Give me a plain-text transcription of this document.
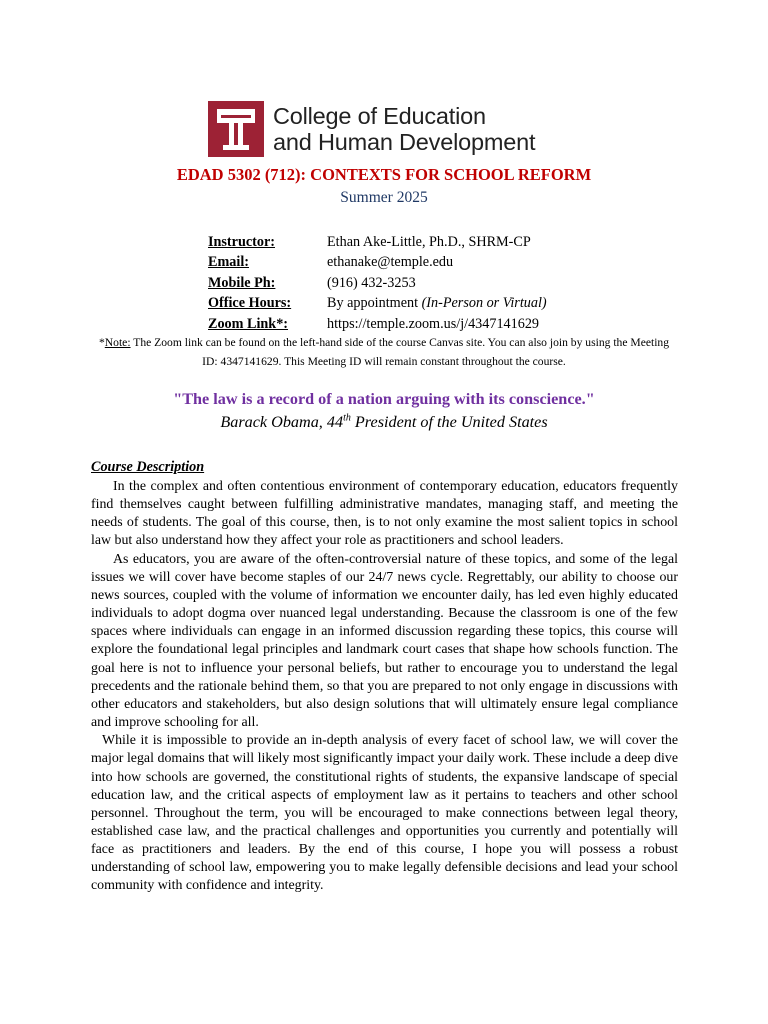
College of Education
and Human Development
EDAD 5302 (712): CONTEXTS FOR SCHOOL REFORM
Summer 2025
Instructor:	Ethan Ake-Little, Ph.D., SHRM-CP
Email:	ethanake@temple.edu
Mobile Ph:	(916) 432-3253
Office Hours:	By appointment (In-Person or Virtual)
Zoom Link*:	https://temple.zoom.us/j/4347141629
*Note: The Zoom link can be found on the left-hand side of the course Canvas site. You can also join by using the Meeting ID: 4347141629. This Meeting ID will remain constant throughout the course.
"The law is a record of a nation arguing with its conscience."
Barack Obama, 44th President of the United States
Course Description

In the complex and often contentious environment of contemporary education, educators frequently find themselves caught between fulfilling administrative mandates, managing staff, and meeting the needs of students. The goal of this course, then, is to not only examine the most salient topics in school law but also understand how they affect your role as practitioners and school leaders.

As educators, you are aware of the often-controversial nature of these topics, and some of the legal issues we will cover have become staples of our 24/7 news cycle. Regrettably, our ability to choose our news sources, coupled with the volume of information we encounter daily, has led even highly educated individuals to adopt dogma over nuanced legal understanding. Because the classroom is one of the few spaces where individuals can engage in an informed discussion regarding these topics, this course will explore the foundational legal principles and landmark court cases that shape how schools function. The goal here is not to influence your personal beliefs, but rather to encourage you to understand the legal precedents and the rationale behind them, so that you are prepared to not only engage in discussions with other educators and stakeholders, but also design solutions that will ultimately ensure legal compliance and improve schooling for all.

While it is impossible to provide an in-depth analysis of every facet of school law, we will cover the major legal domains that will likely most significantly impact your daily work. These include a deep dive into how schools are governed, the constitutional rights of students, the expansive landscape of special education law, and the critical aspects of employment law as it pertains to teachers and other school personnel. Throughout the term, you will be encouraged to make connections between legal theory, established case law, and the practical challenges and opportunities you currently and potentially will face as practitioners and leaders. By the end of this course, I hope you will possess a robust understanding of school law, empowering you to make legally defensible decisions and lead your school community with confidence and integrity.
